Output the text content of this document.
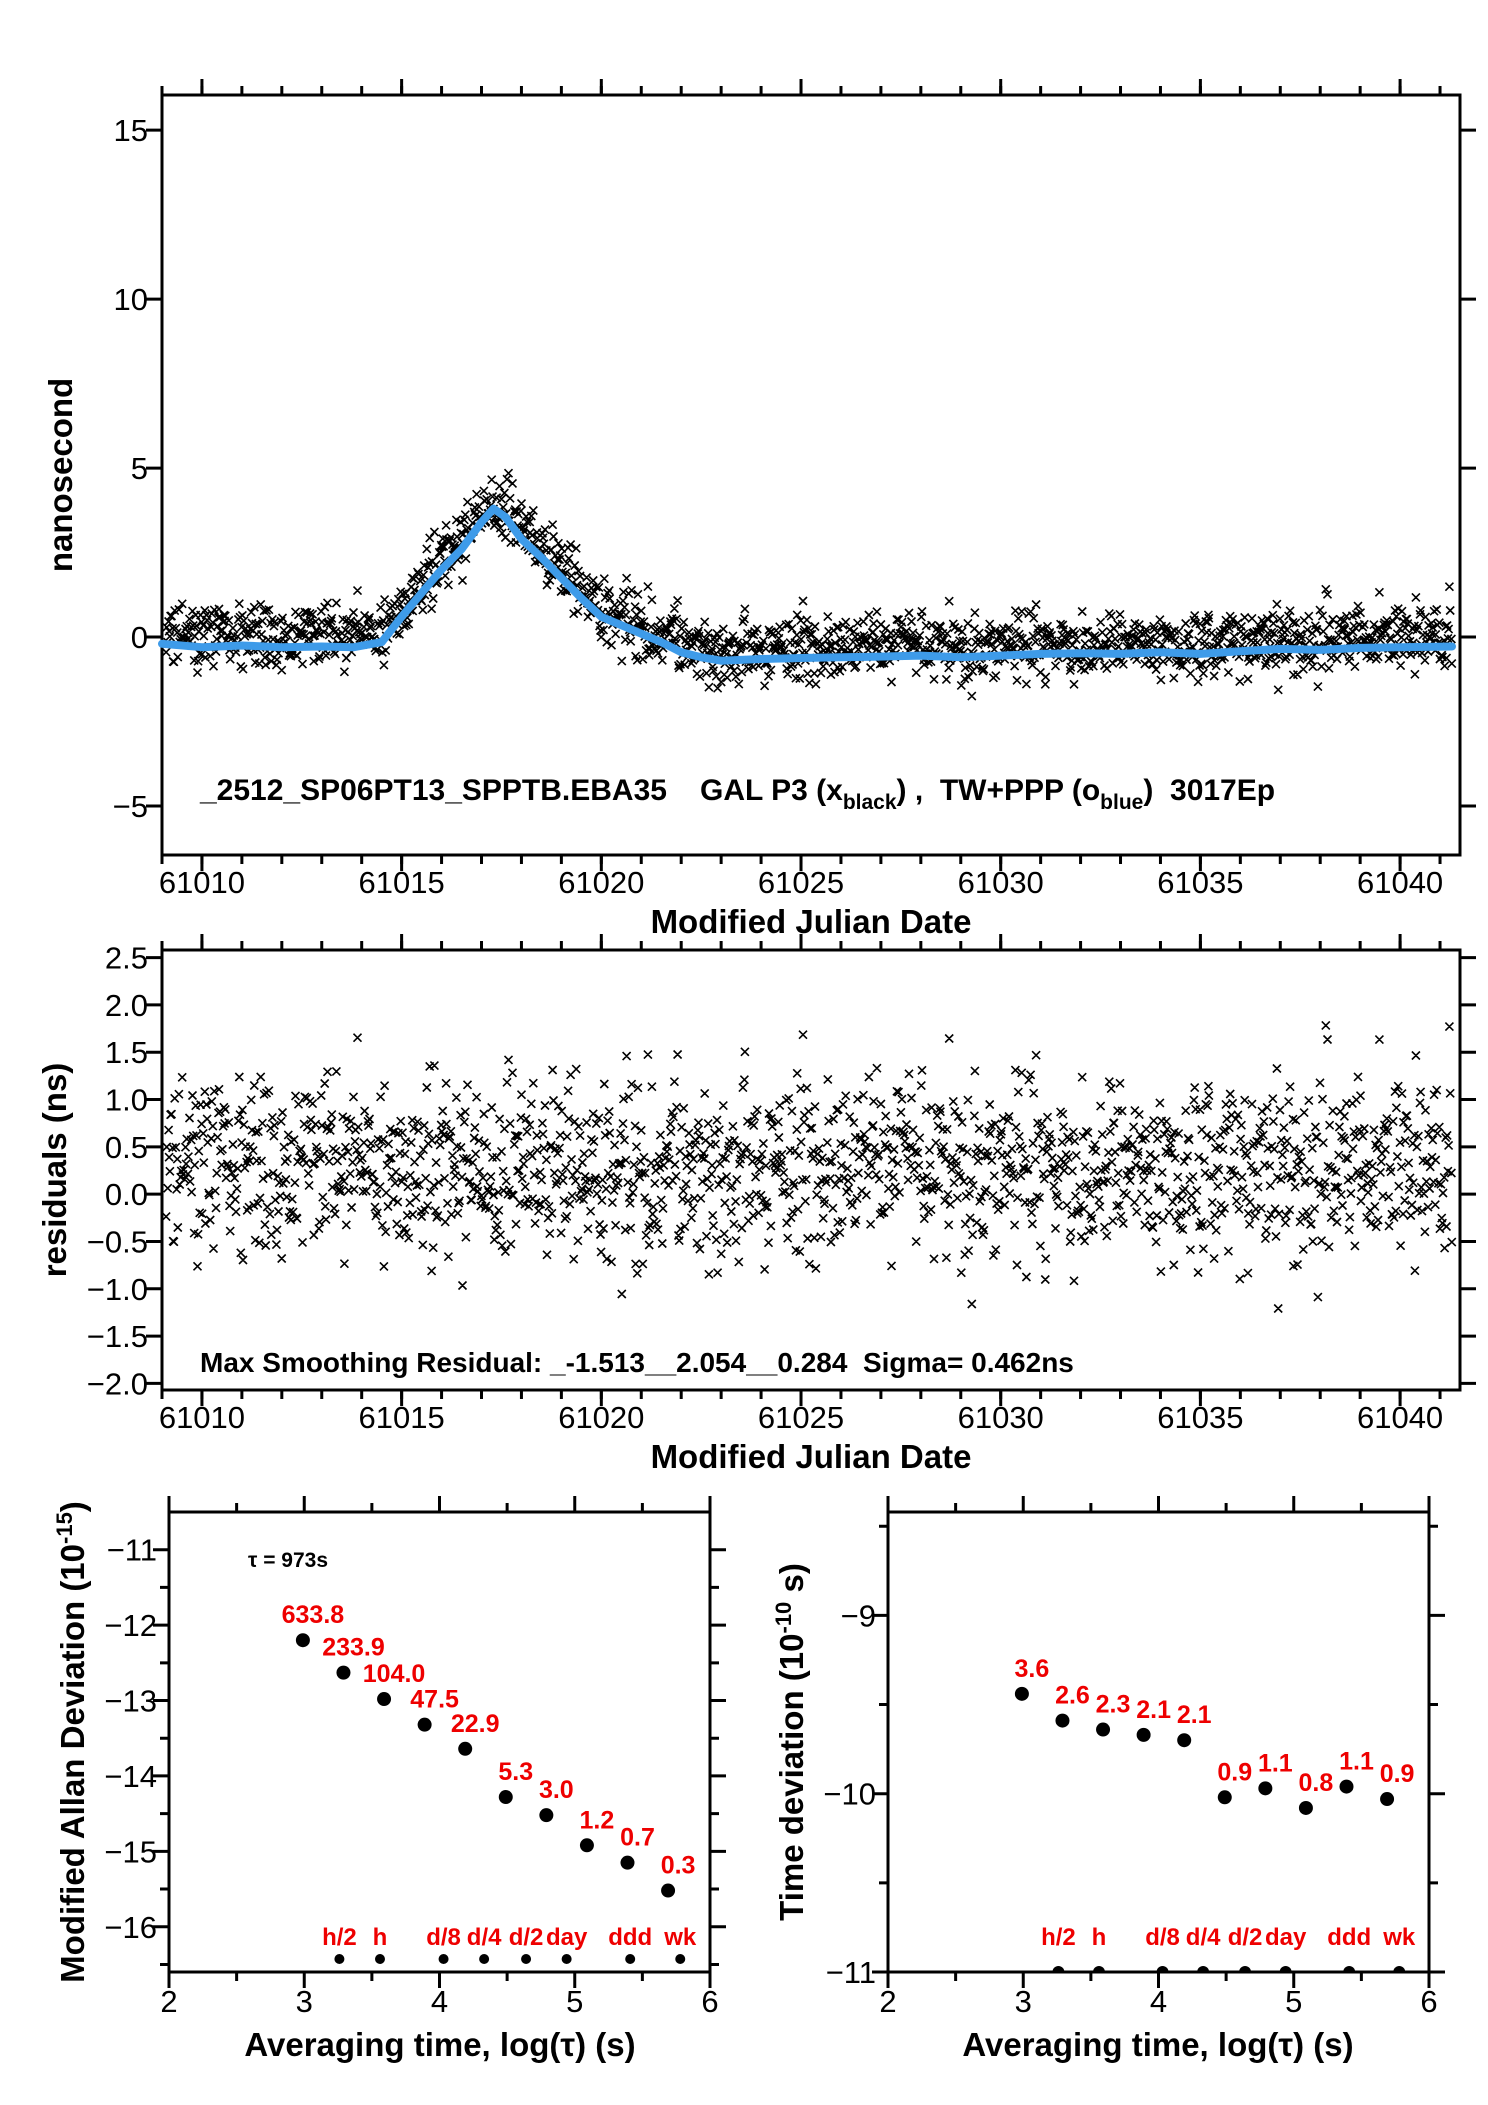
61010	61015	61020	61025	61030	61035	61040
15
10
5
0
−5
61010	61015	61020	61025	61030	61035	61040
2.5
2.0
1.5
1.0
0.5
0.0
−0.5
−1.0
−1.5
−2.0
2	3	4	5	6
−11
−12
−13
−14
−15
−16	h/2 h d/8 d/4 d/2 day ddd wk
633.8
233.9
104.0
47.5
22.9
5.3
3.0
1.2
0.7
0.3
2	3	4	5	6
−9
−10
−11
h/2 h d/8 d/4 d/2 day ddd wk
3.6
2.6 2.3 2.1 2.1
0.9 1.1
0.8
1.1 0.9
nanosecond
Modified Julian Date
_2512_SP06PT13_SPPTB.EBA35 GAL P3 $(x_{black})$ ,  TW+PPP $(o_{blue})$  3017Ep
residuals (ns)
Modified Julian Date
Max Smoothing Residual: _-1.513__2.054__0.284  Sigma= 0.462ns
Modified Allan Deviation $(10^{-15})$
Averaging time, log(τ) (s)
τ = 973s
Time deviation ($10^{-10}$ s)
Averaging time, log(τ) (s)
